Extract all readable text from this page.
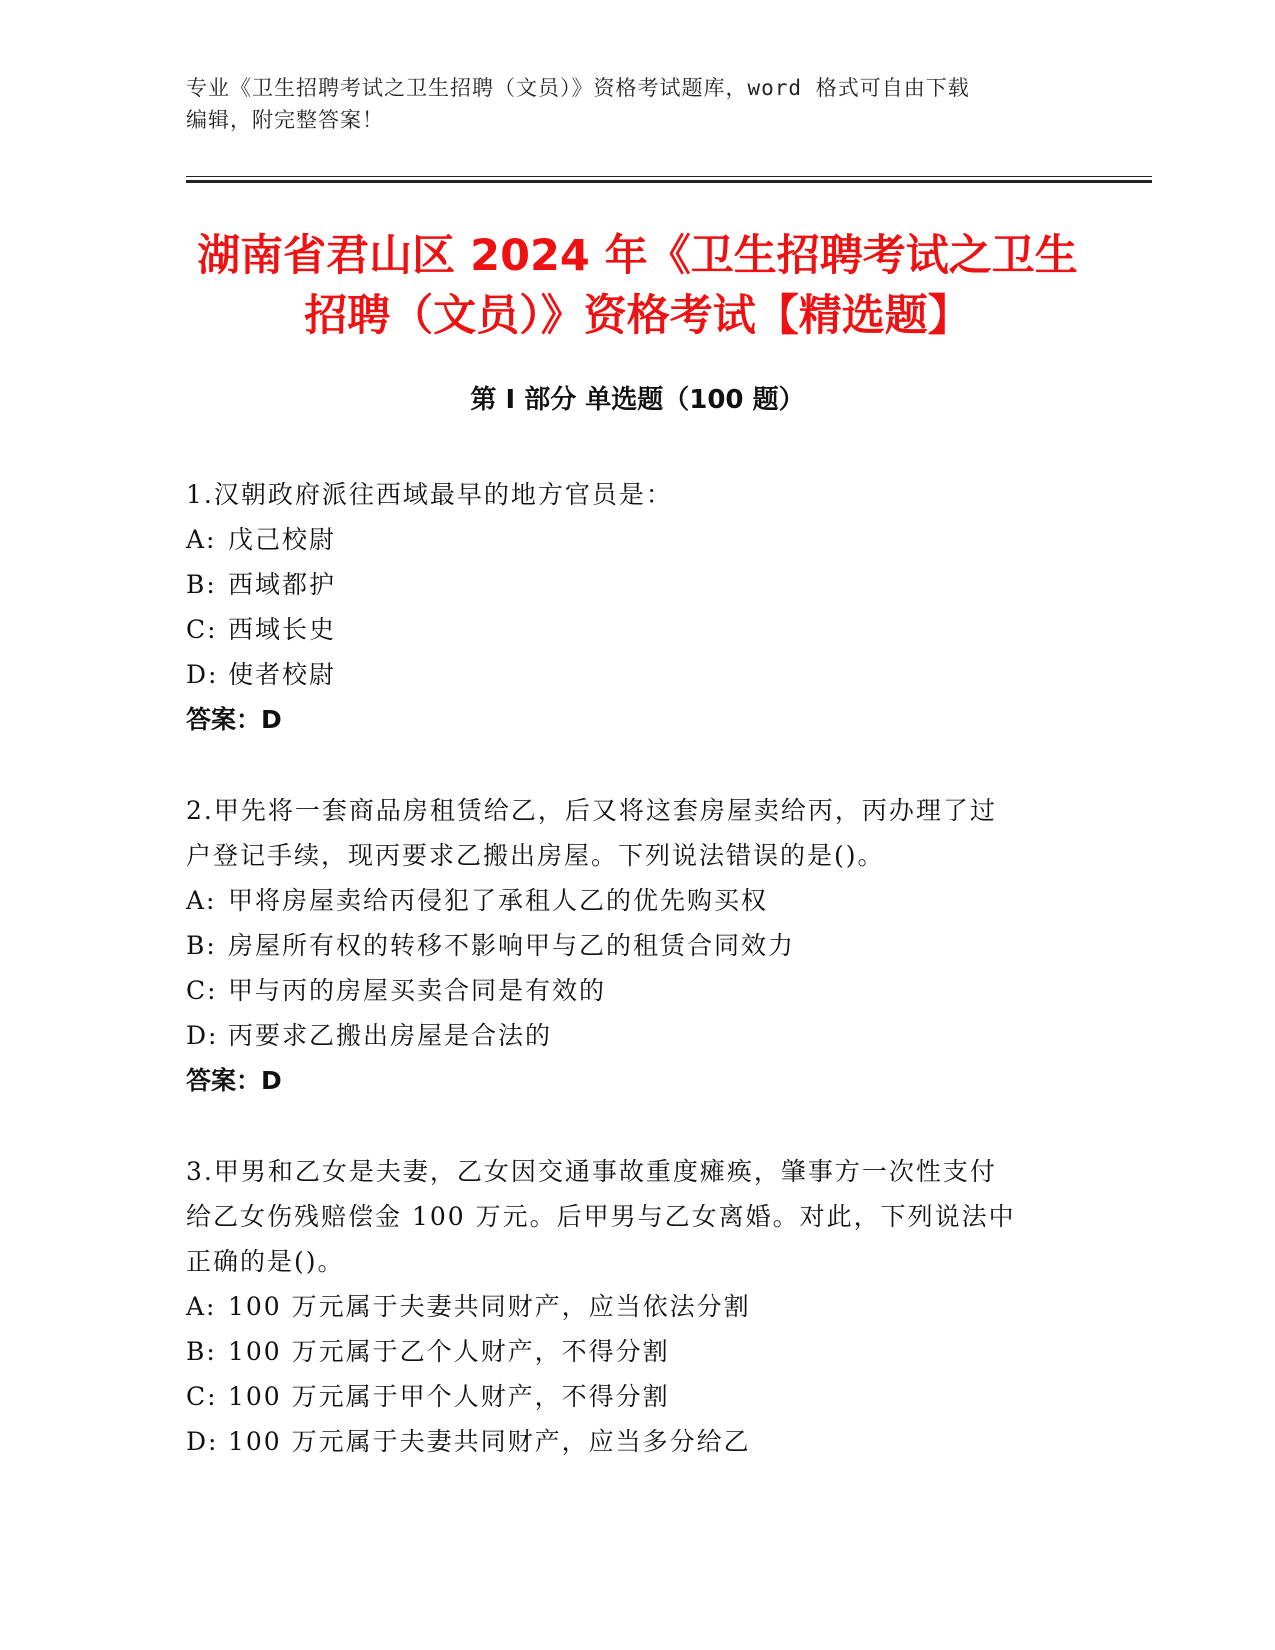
专业《卫生招聘考试之卫生招聘（文员）》资格考试题库，word 格式可自由下载
编辑，附完整答案！
湖南省君山区 2024 年《卫生招聘考试之卫生
招聘（文员）》资格考试【精选题】
第 I 部分 单选题（100 题）

1.汉朝政府派往西域最早的地方官员是：

A: 戊己校尉

B: 西域都护

C: 西域长史

D: 使者校尉

答案：D

2.甲先将一套商品房租赁给乙，后又将这套房屋卖给丙，丙办理了过

户登记手续，现丙要求乙搬出房屋。下列说法错误的是()。

A: 甲将房屋卖给丙侵犯了承租人乙的优先购买权

B: 房屋所有权的转移不影响甲与乙的租赁合同效力

C: 甲与丙的房屋买卖合同是有效的

D: 丙要求乙搬出房屋是合法的

答案：D

3.甲男和乙女是夫妻，乙女因交通事故重度瘫痪，肇事方一次性支付

给乙女伤残赔偿金 100 万元。后甲男与乙女离婚。对此，下列说法中

正确的是()。

A: 100 万元属于夫妻共同财产，应当依法分割

B: 100 万元属于乙个人财产，不得分割

C: 100 万元属于甲个人财产，不得分割

D: 100 万元属于夫妻共同财产，应当多分给乙
